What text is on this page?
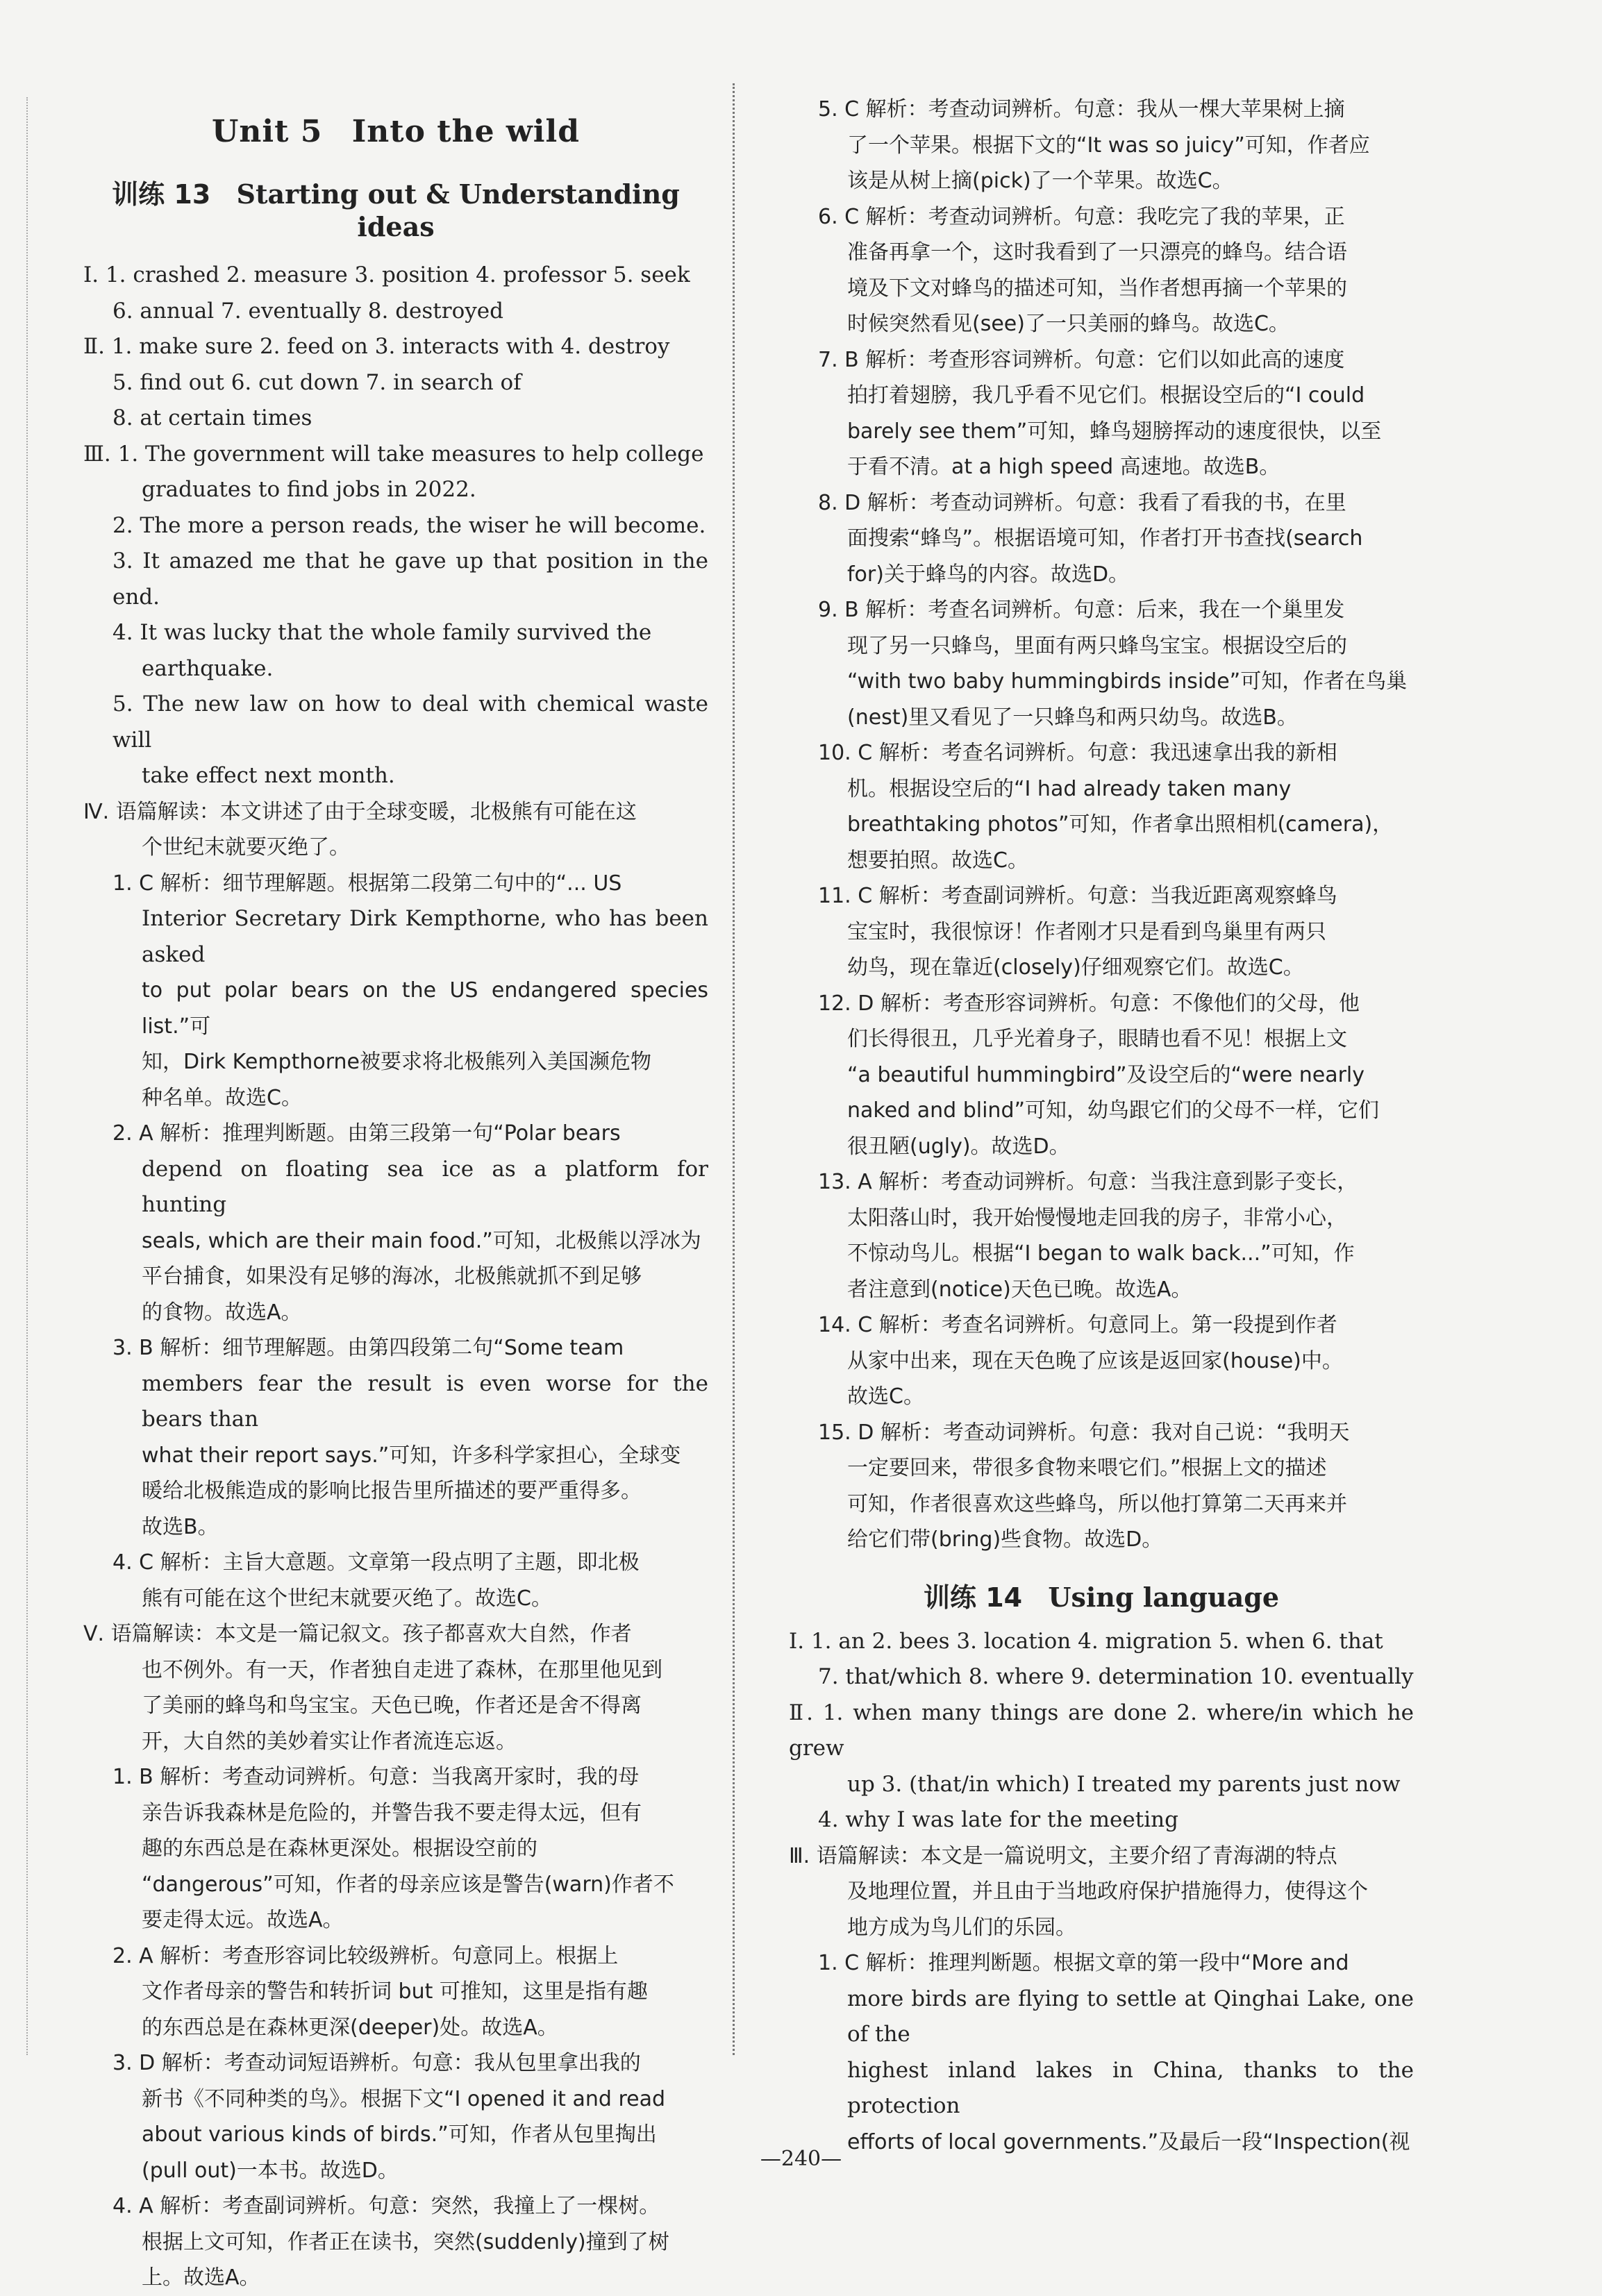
Unit 5 Into the wild
训练 13 Starting out & Understanding ideas

Ⅰ. 1. crashed 2. measure 3. position 4. professor 5. seek

6. annual 7. eventually 8. destroyed

Ⅱ. 1. make sure 2. feed on 3. interacts with 4. destroy

5. find out 6. cut down 7. in search of

8. at certain times

Ⅲ. 1. The government will take measures to help college

graduates to find jobs in 2022.

2. The more a person reads, the wiser he will become.

3. It amazed me that he gave up that position in the end.

4. It was lucky that the whole family survived the

earthquake.

5. The new law on how to deal with chemical waste will

take effect next month.

Ⅳ. 语篇解读：本文讲述了由于全球变暖，北极熊有可能在这

个世纪末就要灭绝了。

1. C 解析：细节理解题。根据第二段第二句中的“... US

Interior Secretary Dirk Kempthorne, who has been asked

to put polar bears on the US endangered species list.”可

知，Dirk Kempthorne被要求将北极熊列入美国濒危物

种名单。故选C。

2. A 解析：推理判断题。由第三段第一句“Polar bears

depend on floating sea ice as a platform for hunting

seals, which are their main food.”可知，北极熊以浮冰为

平台捕食，如果没有足够的海冰，北极熊就抓不到足够

的食物。故选A。

3. B 解析：细节理解题。由第四段第二句“Some team

members fear the result is even worse for the bears than

what their report says.”可知，许多科学家担心，全球变

暖给北极熊造成的影响比报告里所描述的要严重得多。

故选B。

4. C 解析：主旨大意题。文章第一段点明了主题，即北极

熊有可能在这个世纪末就要灭绝了。故选C。

Ⅴ. 语篇解读：本文是一篇记叙文。孩子都喜欢大自然，作者

也不例外。有一天，作者独自走进了森林，在那里他见到

了美丽的蜂鸟和鸟宝宝。天色已晚，作者还是舍不得离

开，大自然的美妙着实让作者流连忘返。

1. B 解析：考查动词辨析。句意：当我离开家时，我的母

亲告诉我森林是危险的，并警告我不要走得太远，但有

趣的东西总是在森林更深处。根据设空前的

“dangerous”可知，作者的母亲应该是警告(warn)作者不

要走得太远。故选A。

2. A 解析：考查形容词比较级辨析。句意同上。根据上

文作者母亲的警告和转折词 but 可推知，这里是指有趣

的东西总是在森林更深(deeper)处。故选A。

3. D 解析：考查动词短语辨析。句意：我从包里拿出我的

新书《不同种类的鸟》。根据下文“I opened it and read

about various kinds of birds.”可知，作者从包里掏出

(pull out)一本书。故选D。

4. A 解析：考查副词辨析。句意：突然，我撞上了一棵树。

根据上文可知，作者正在读书，突然(suddenly)撞到了树

上。故选A。

5. C 解析：考查动词辨析。句意：我从一棵大苹果树上摘

了一个苹果。根据下文的“It was so juicy”可知，作者应

该是从树上摘(pick)了一个苹果。故选C。

6. C 解析：考查动词辨析。句意：我吃完了我的苹果，正

准备再拿一个，这时我看到了一只漂亮的蜂鸟。结合语

境及下文对蜂鸟的描述可知，当作者想再摘一个苹果的

时候突然看见(see)了一只美丽的蜂鸟。故选C。

7. B 解析：考查形容词辨析。句意：它们以如此高的速度

拍打着翅膀，我几乎看不见它们。根据设空后的“I could

barely see them”可知，蜂鸟翅膀挥动的速度很快，以至

于看不清。at a high speed 高速地。故选B。

8. D 解析：考查动词辨析。句意：我看了看我的书，在里

面搜索“蜂鸟”。根据语境可知，作者打开书查找(search

for)关于蜂鸟的内容。故选D。

9. B 解析：考查名词辨析。句意：后来，我在一个巢里发

现了另一只蜂鸟，里面有两只蜂鸟宝宝。根据设空后的

“with two baby hummingbirds inside”可知，作者在鸟巢

(nest)里又看见了一只蜂鸟和两只幼鸟。故选B。

10. C 解析：考查名词辨析。句意：我迅速拿出我的新相

机。根据设空后的“I had already taken many

breathtaking photos”可知，作者拿出照相机(camera)，

想要拍照。故选C。

11. C 解析：考查副词辨析。句意：当我近距离观察蜂鸟

宝宝时，我很惊讶！作者刚才只是看到鸟巢里有两只

幼鸟，现在靠近(closely)仔细观察它们。故选C。

12. D 解析：考查形容词辨析。句意：不像他们的父母，他

们长得很丑，几乎光着身子，眼睛也看不见！根据上文

“a beautiful hummingbird”及设空后的“were nearly

naked and blind”可知，幼鸟跟它们的父母不一样，它们

很丑陋(ugly)。故选D。

13. A 解析：考查动词辨析。句意：当我注意到影子变长，

太阳落山时，我开始慢慢地走回我的房子，非常小心，

不惊动鸟儿。根据“I began to walk back...”可知，作

者注意到(notice)天色已晚。故选A。

14. C 解析：考查名词辨析。句意同上。第一段提到作者

从家中出来，现在天色晚了应该是返回家(house)中。

故选C。

15. D 解析：考查动词辨析。句意：我对自己说：“我明天

一定要回来，带很多食物来喂它们。”根据上文的描述

可知，作者很喜欢这些蜂鸟，所以他打算第二天再来并

给它们带(bring)些食物。故选D。

训练 14 Using language

Ⅰ. 1. an 2. bees 3. location 4. migration 5. when 6. that

7. that/which 8. where 9. determination 10. eventually

Ⅱ. 1. when many things are done 2. where/in which he grew

up 3. (that/in which) I treated my parents just now

4. why I was late for the meeting

Ⅲ. 语篇解读：本文是一篇说明文，主要介绍了青海湖的特点

及地理位置，并且由于当地政府保护措施得力，使得这个

地方成为鸟儿们的乐园。

1. C 解析：推理判断题。根据文章的第一段中“More and

more birds are flying to settle at Qinghai Lake, one of the

highest inland lakes in China, thanks to the protection

efforts of local governments.”及最后一段“Inspection(视

—240—
